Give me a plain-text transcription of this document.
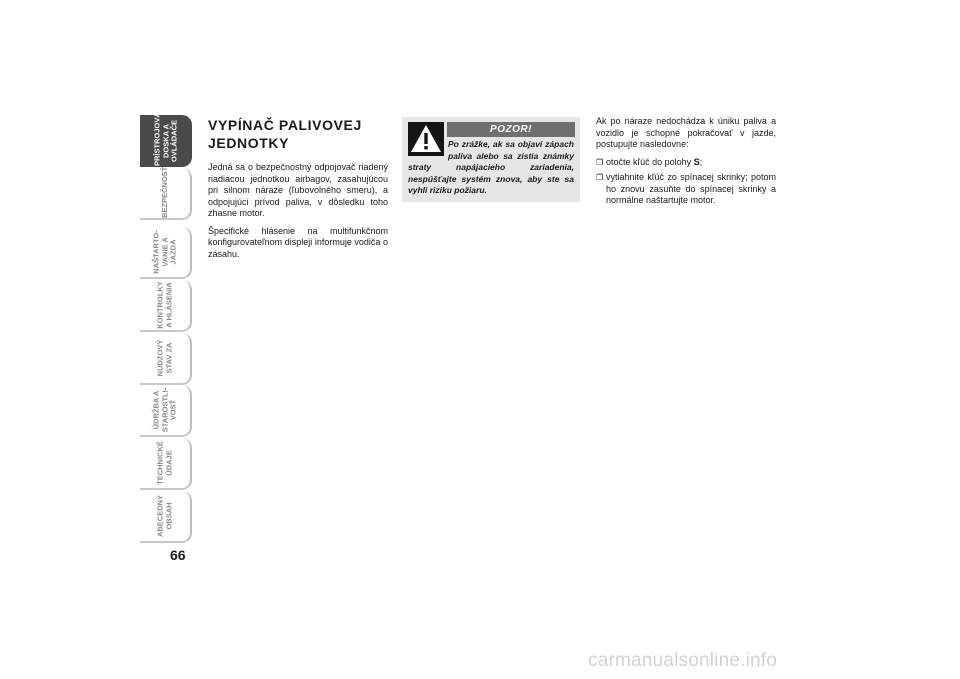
PRÍSTROJOVÁ
DOSKA A
OVLÁDAČE
BEZPEČNOSŤ
NAŠTARTO-
VANIE A
JAZDA
KONTROLKY
A HLÁSENIA
NÚDZOVÝ
STAV ZA
ÚDRŽBA A
STAROSTLI-
VOSŤ
TECHNICKÉ
ÚDAJE
ABECEDNÝ
OBSAH
66
VYPÍNAČ PALIVOVEJ
JEDNOTKY

Jedná sa o bezpečnostný odpojovač riadený riadiacou jednotkou airbagov, zasahujúcou pri silnom náraze (ľubovolného smeru), a odpojujúci prívod paliva, v dôsledku toho zhasne motor.

Špecifické hlásenie na multifunkčnom konfigurovateľnom displeji informuje vodiča o zásahu.

POZOR!

Po zrážke, ak sa objaví zápach paliva alebo sa zistia známky straty napájacieho zariadenia, nespúšťajte systém znova, aby ste sa vyhli riziku požiaru.

Ak po náraze nedochádza k úniku paliva a vozidlo je schopné pokračovať v jazde, postupujte nasledovne:

❒ otočte kľúč do polohy S;
❒ vytiahnite kľúč zo spínacej skrinky; potom ho znovu zasuňte do spínacej skrinky a normálne naštartujte motor.
carmanualsonline.info
